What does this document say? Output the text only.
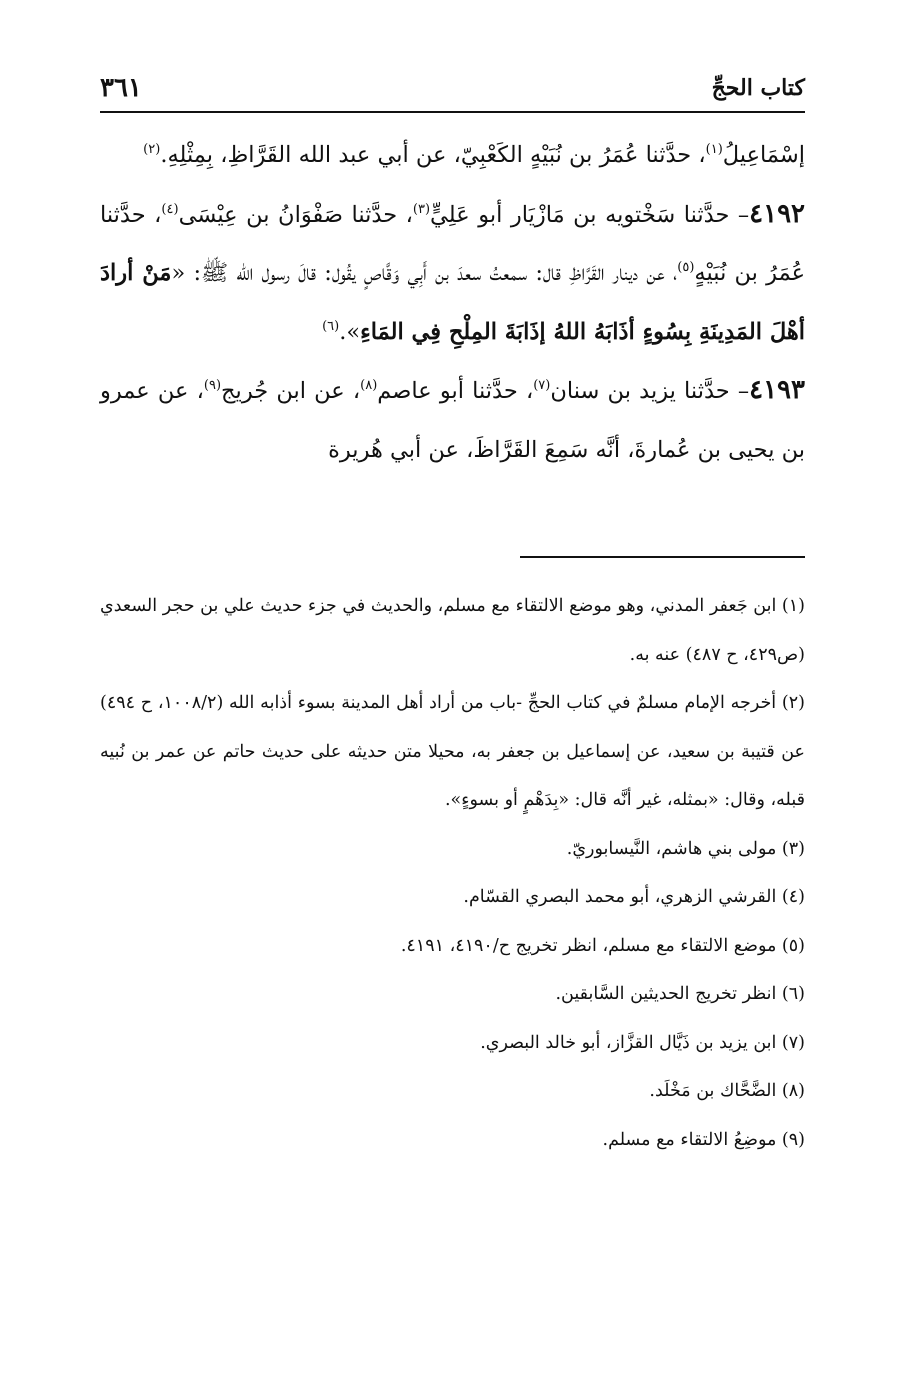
كتاب الحجِّ
٣٦١

إسْمَاعِيلُ$^{(١)}$، حدَّثنا عُمَرُ بن نُبَيْهٍ الكَعْبِيّ، عن أبي عبد الله القَرَّاظِ، بِمِثْلِهِ.$^{(٢)}$

٤١٩٢– حدَّثنا سَخْتويه بن مَازْيَار أبو عَلِيٍّ$^{(٣)}$، حدَّثنا صَفْوَانُ بن عِيْسَى$^{(٤)}$، حدَّثنا عُمَرُ بن نُبَيْهٍ$^{(٥)}$، عن دينار القَرَّاظِ قال: سمعتُ سعدَ بن أَبِي وَقَّاصٍ يقُول: قالَ رسول الله ﷺ: «مَنْ أرادَ أهْلَ المَدِينَةِ بِسُوءٍ أذَابَهُ اللهُ إذَابَةَ المِلْحِ فِي المَاءِ».$^{(٦)}$

٤١٩٣– حدَّثنا يزيد بن سنان$^{(٧)}$، حدَّثنا أبو عاصم$^{(٨)}$، عن ابن جُريج$^{(٩)}$، عن عمرو بن يحيى بن عُمارةَ، أنَّه سَمِعَ القَرَّاظَ، عن أبي هُريرة

(١) ابن جَعفر المدني، وهو موضع الالتقاء مع مسلم، والحديث في جزء حديث علي بن حجر السعدي (ص٤٢٩، ح ٤٨٧) عنه به.

(٢) أخرجه الإمام مسلمٌ في كتاب الحجِّ -باب من أراد أهل المدينة بسوء أذابه الله (١٠٠٨/٢، ح ٤٩٤) عن قتيبة بن سعيد، عن إسماعيل بن جعفر به، محيلا متن حديثه على حديث حاتم عن عمر بن نُبيه قبله، وقال: «بمثله، غير أنَّه قال: «بِدَهْمٍ أو بسوءٍ».

(٣) مولى بني هاشم، النَّيسابوريّ.

(٤) القرشي الزهري، أبو محمد البصري القسّام.

(٥) موضع الالتقاء مع مسلم، انظر تخريج ح/٤١٩٠، ٤١٩١.

(٦) انظر تخريج الحديثين السَّابقين.

(٧) ابن يزيد بن ذَيَّال القزَّاز، أبو خالد البصري.

(٨) الضَّحَّاك بن مَخْلَد.

(٩) موضِعُ الالتقاء مع مسلم.
